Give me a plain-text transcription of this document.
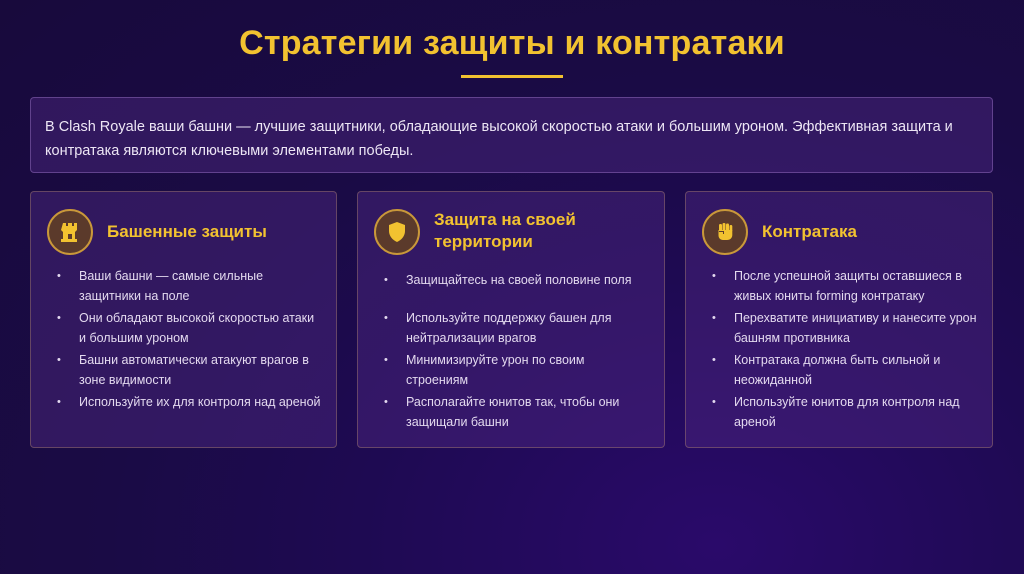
Стратегии защиты и контратаки
В Clash Royale ваши башни — лучшие защитники, обладающие высокой скоростью атаки и большим уроном. Эффективная защита и контратака являются ключевыми элементами победы.
Башенные защиты
• Ваши башни — самые сильные защитники на поле
• Они обладают высокой скоростью атаки и большим уроном
• Башни автоматически атакуют врагов в зоне видимости
• Используйте их для контроля над ареной
Защита на своей территории
• Защищайтесь на своей половине поля
• Используйте поддержку башен для нейтрализации врагов
• Минимизируйте урон по своим строениям
• Располагайте юнитов так, чтобы они защищали башни
Контратака
• После успешной защиты оставшиеся в живых юниты forming контратаку
• Перехватите инициативу и нанесите урон башням противника
• Контратака должна быть сильной и неожиданной
• Используйте юнитов для контроля над ареной
